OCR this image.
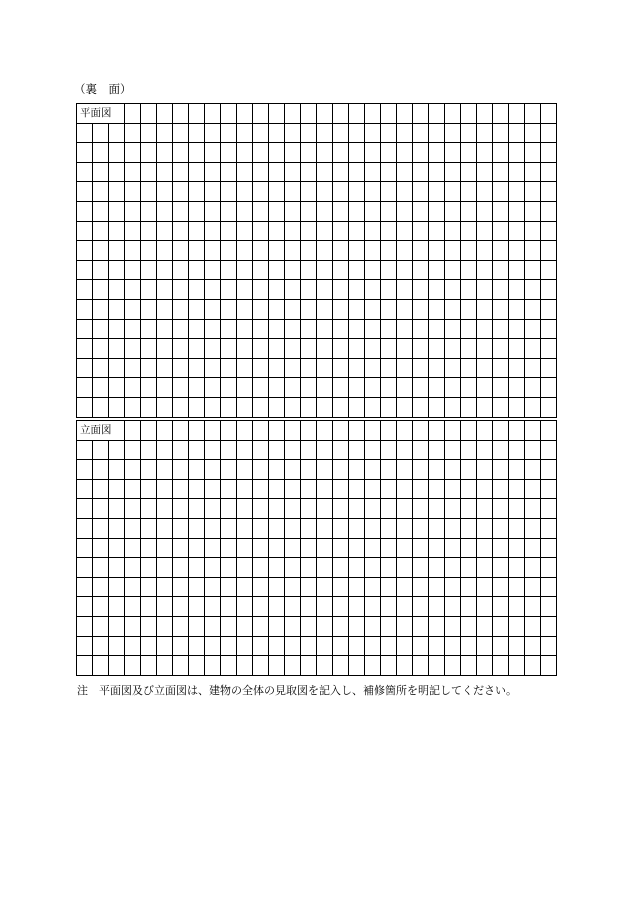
（裏　面）
平面図
立面図
注　平面図及び立面図は、建物の全体の見取図を記入し、補修箇所を明記してください。
